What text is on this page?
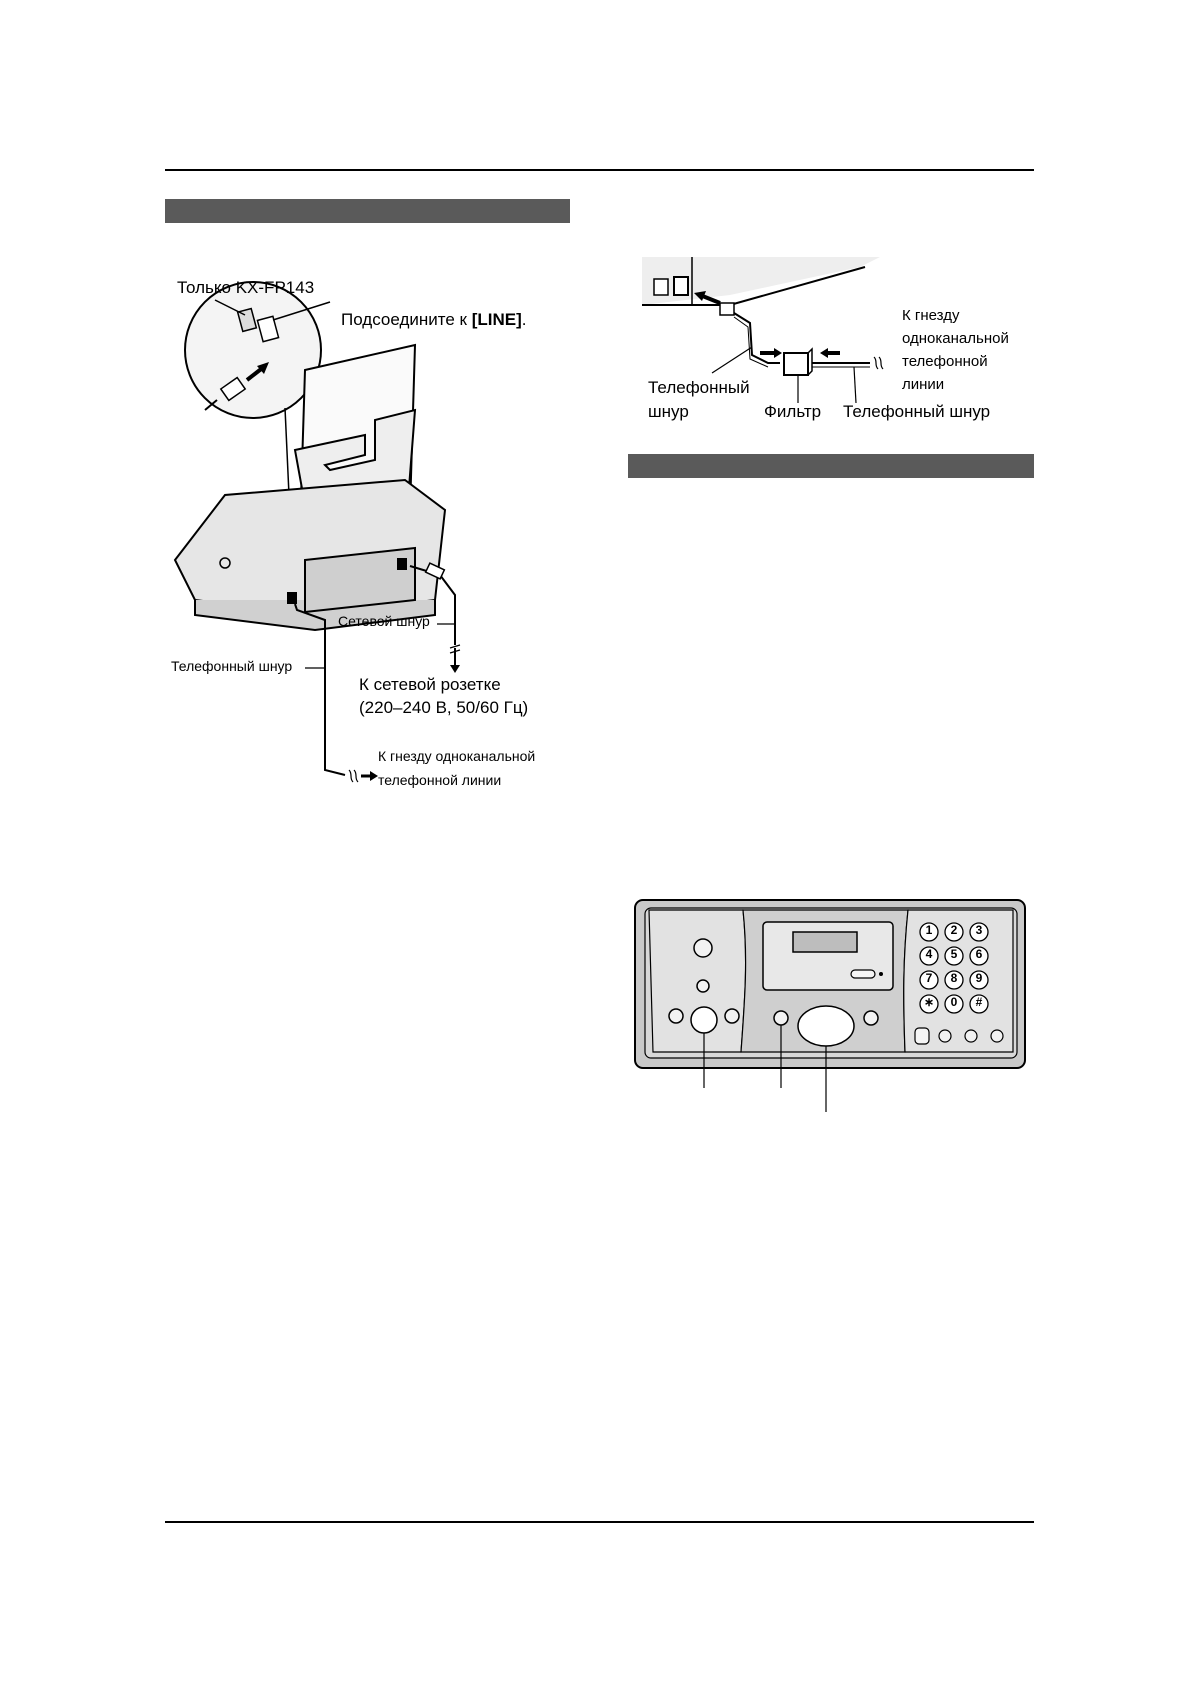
Только KX-FP143
Подсоедините к [LINE].
Сетевой шнур
Телефонный шнур
К сетевой розетке
(220–240 В, 50/60 Гц)
К гнезду одноканальной
телефонной линии
К гнезду
одноканальной
телефонной
линии
Телефонный
шнур	Фильтр Телефонный шнур
1	2	3
4	5	6
7	8	9
∗	0	#
